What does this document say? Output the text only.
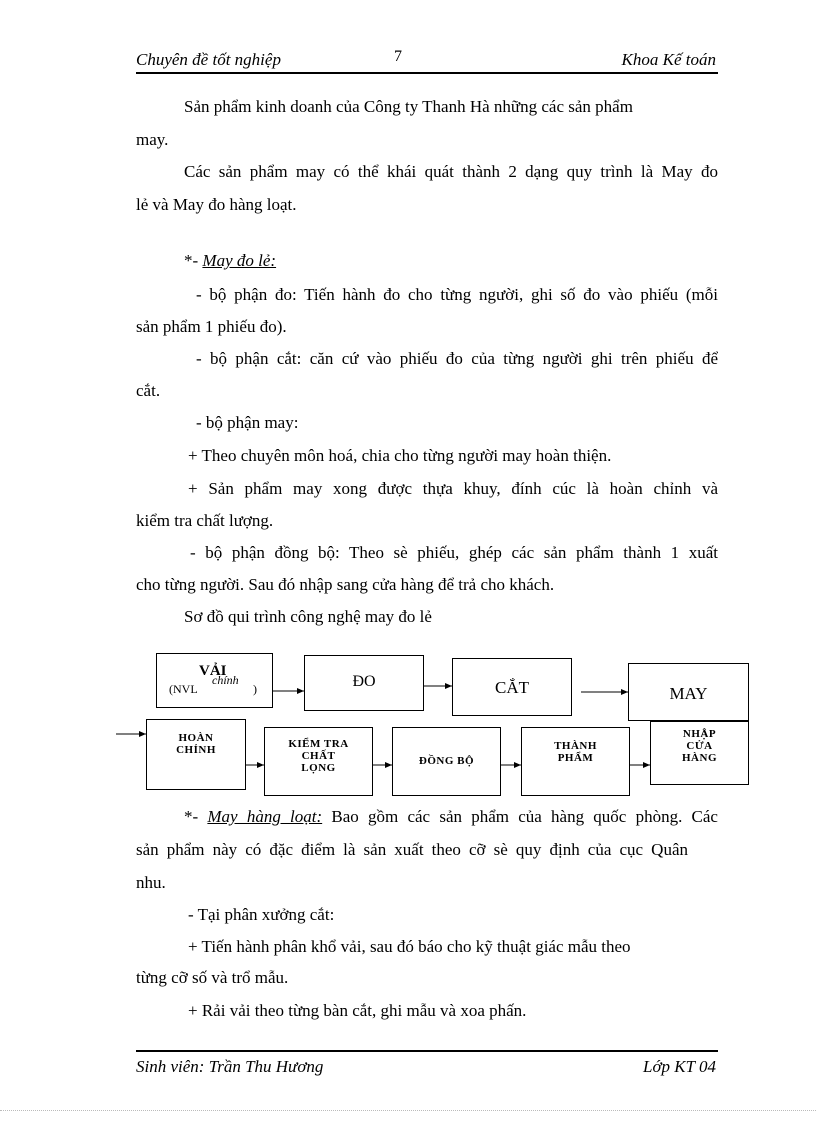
Chuyên đề tốt nghiệp	7	Khoa Kế toán
Sản phẩm kinh doanh của Công ty Thanh Hà những các sản phẩm
may.
Các sản phẩm may có thể khái quát thành 2 dạng quy trình là May đo
lẻ và May đo hàng loạt.
*- May đo lẻ:
- bộ phận đo: Tiến hành đo cho từng người, ghi số đo vào phiếu (mỗi
sản phẩm 1 phiếu đo).
- bộ phận cắt: căn cứ vào phiếu đo của từng người ghi trên phiếu để
cắt.
- bộ phận may:
+ Theo chuyên môn hoá, chia cho từng người may hoàn thiện.
+ Sản phẩm may xong được thựa khuy, đính cúc là hoàn chỉnh và
kiểm tra chất lượng.
- bộ phận đồng bộ: Theo sè phiếu, ghép các sản phẩm thành 1 xuất
cho từng người. Sau đó nhập sang cửa hàng để trả cho khách.
Sơ đồ qui trình công nghệ may đo lẻ
VẢI
(NVL
chính
)	ĐO	CẮT	MAY
HOÀN
CHỈNH	KIỂM TRA
CHẤT
LỌNG
ĐỒNG BỘ
THÀNH
PHẨM
NHẬP
CỬA
HÀNG
*- May hàng loạt: Bao gồm các sản phẩm của hàng quốc phòng. Các
sản phẩm này có đặc điểm là sản xuất theo cỡ sè quy định của cục Quân
nhu.
- Tại phân xưởng cắt:
+ Tiến hành phân khổ vải, sau đó báo cho kỹ thuật giác mẫu theo
từng cỡ số và trổ mẫu.
+ Rải vải theo từng bàn cắt, ghi mẫu và xoa phấn.
Sinh viên: Trần Thu Hương	Lớp KT 04
